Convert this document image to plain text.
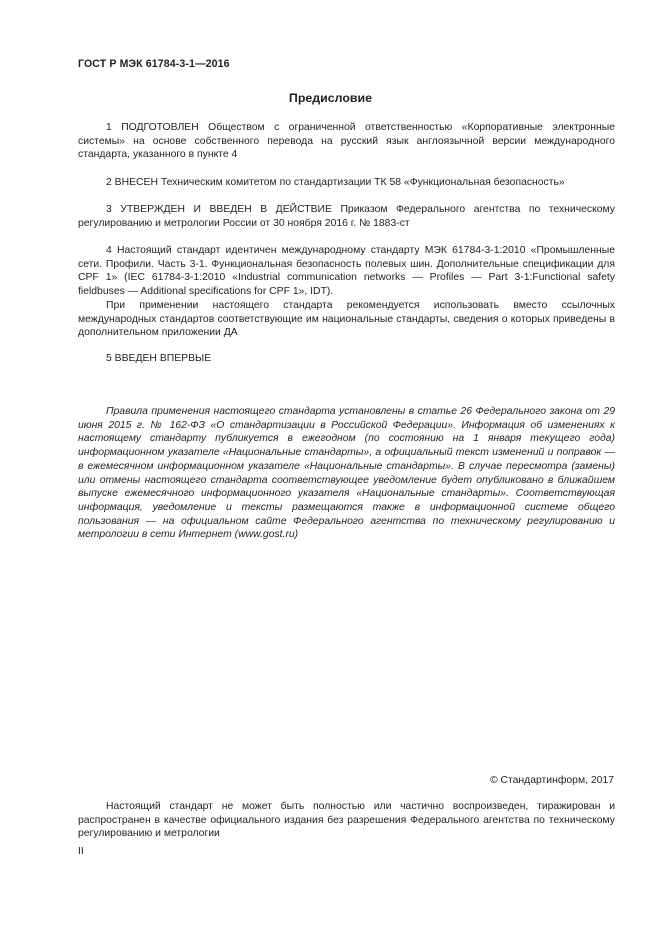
ГОСТ Р МЭК 61784-3-1—2016
Предисловие

1 ПОДГОТОВЛЕН Обществом с ограниченной ответственностью «Корпоративные электронные системы» на основе собственного перевода на русский язык англоязычной версии международного стандарта, указанного в пункте 4

2 ВНЕСЕН Техническим комитетом по стандартизации ТК 58 «Функциональная безопасность»

3 УТВЕРЖДЕН И ВВЕДЕН В ДЕЙСТВИЕ Приказом Федерального агентства по техническому регулированию и метрологии России от 30 ноября 2016 г. № 1883-ст

4 Настоящий стандарт идентичен международному стандарту МЭК 61784-3-1:2010 «Промышленные сети. Профили. Часть 3-1. Функциональная безопасность полевых шин. Дополнительные спецификации для CPF 1» (IEC 61784-3-1:2010 «Industrial communication networks — Profiles — Part 3-1:Functional safety fieldbuses — Additional specifications for CPF 1», IDT).

При применении настоящего стандарта рекомендуется использовать вместо ссылочных международных стандартов соответствующие им национальные стандарты, сведения о которых приведены в дополнительном приложении ДА

5 ВВЕДЕН ВПЕРВЫЕ

Правила применения настоящего стандарта установлены в статье 26 Федерального закона от 29 июня 2015 г. № 162-ФЗ «О стандартизации в Российской Федерации». Информация об изменениях к настоящему стандарту публикуется в ежегодном (по состоянию на 1 января текущего года) информационном указателе «Национальные стандарты», а официальный текст изменений и поправок — в ежемесячном информационном указателе «Национальные стандарты». В случае пересмотра (замены) или отмены настоящего стандарта соответствующее уведомление будет опубликовано в ближайшем выпуске ежемесячного информационного указателя «Национальные стандарты». Соответствующая информация, уведомление и тексты размещаются также в информационной системе общего пользования — на официальном сайте Федерального агентства по техническому регулированию и метрологии в сети Интернет (www.gost.ru)

© Стандартинформ, 2017

Настоящий стандарт не может быть полностью или частично воспроизведен, тиражирован и распространен в качестве официального издания без разрешения Федерального агентства по техническому регулированию и метрологии

II
